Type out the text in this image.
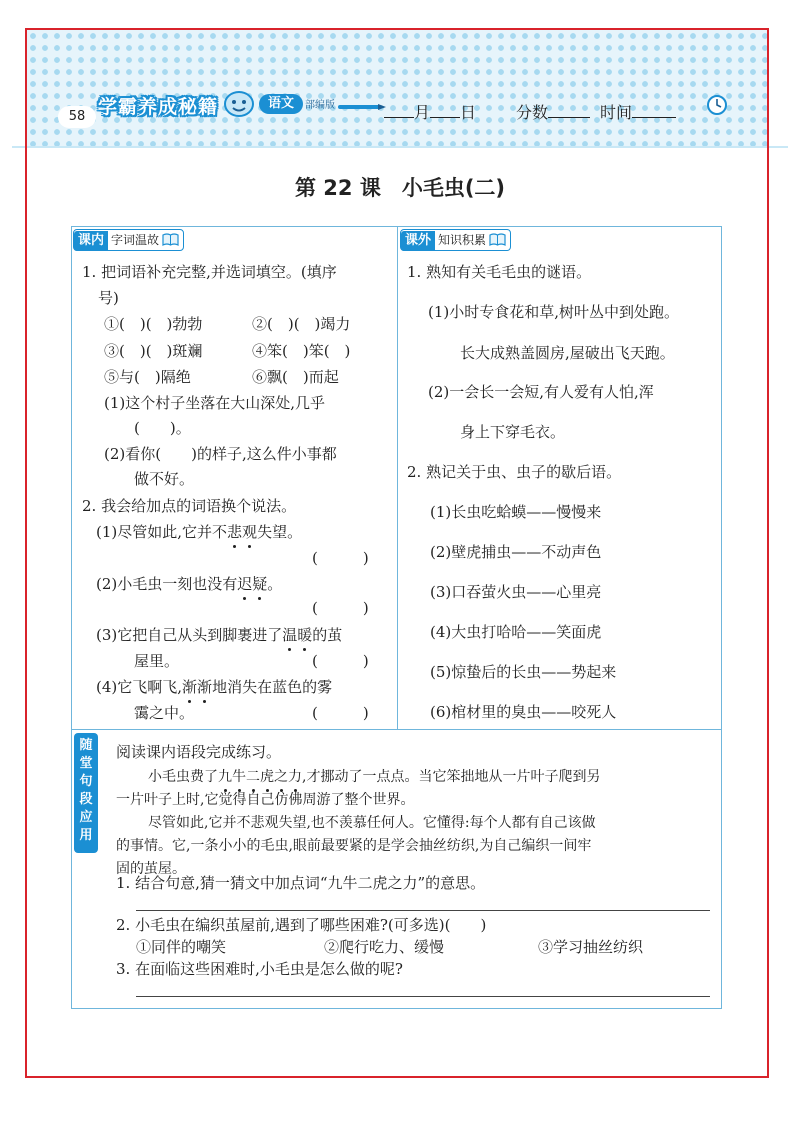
58 学霸养成秘籍	语文	部编版	月 日	分数	时间
第 22 课　小毛虫(二)
课内 字词温故	课外 知识积累
1. 把词语补充完整,并选词填空。(填序
号)
①(　)(　)勃勃	②(　)(　)竭力
③(　)(　)斑斓	④笨(　)笨(　)
⑤与(　)隔绝	⑥飘(　)而起
(1)这个村子坐落在大山深处,几乎
(　　)。
(2)看你(　　)的样子,这么件小事都
做不好。
2. 我会给加点的词语换个说法。
(1)尽管如此,它并不悲观失望。
(　　　)
(2)小毛虫一刻也没有迟疑。
(　　　)
(3)它把自己从头到脚裹进了温暖的茧
屋里。	(　　　)
(4)它飞啊飞,渐渐地消失在蓝色的雾
霭之中。	(　　　)
1. 熟知有关毛毛虫的谜语。
(1)小时专食花和草,树叶丛中到处跑。
长大成熟盖圆房,屋破出飞天跑。
(2)一会长一会短,有人爱有人怕,浑
身上下穿毛衣。
2. 熟记关于虫、虫子的歇后语。
(1)长虫吃蛤蟆——慢慢来
(2)壁虎捕虫——不动声色
(3)口吞萤火虫——心里亮
(4)大虫打哈哈——笑面虎
(5)惊蛰后的长虫——势起来
(6)棺材里的臭虫——咬死人
随
堂
句
段
应
用
阅读课内语段完成练习。
小毛虫费了九牛二虎之力,才挪动了一点点。当它笨拙地从一片叶子爬到另
一片叶子上时,它觉得自己仿佛周游了整个世界。
尽管如此,它并不悲观失望,也不羡慕任何人。它懂得:每个人都有自己该做
的事情。它,一条小小的毛虫,眼前最要紧的是学会抽丝纺织,为自己编织一间牢
固的茧屋。
1. 结合句意,猜一猜文中加点词“九牛二虎之力”的意思。
2. 小毛虫在编织茧屋前,遇到了哪些困难?(可多选)(　　)
①同伴的嘲笑	②爬行吃力、缓慢	③学习抽丝纺织
3. 在面临这些困难时,小毛虫是怎么做的呢?
